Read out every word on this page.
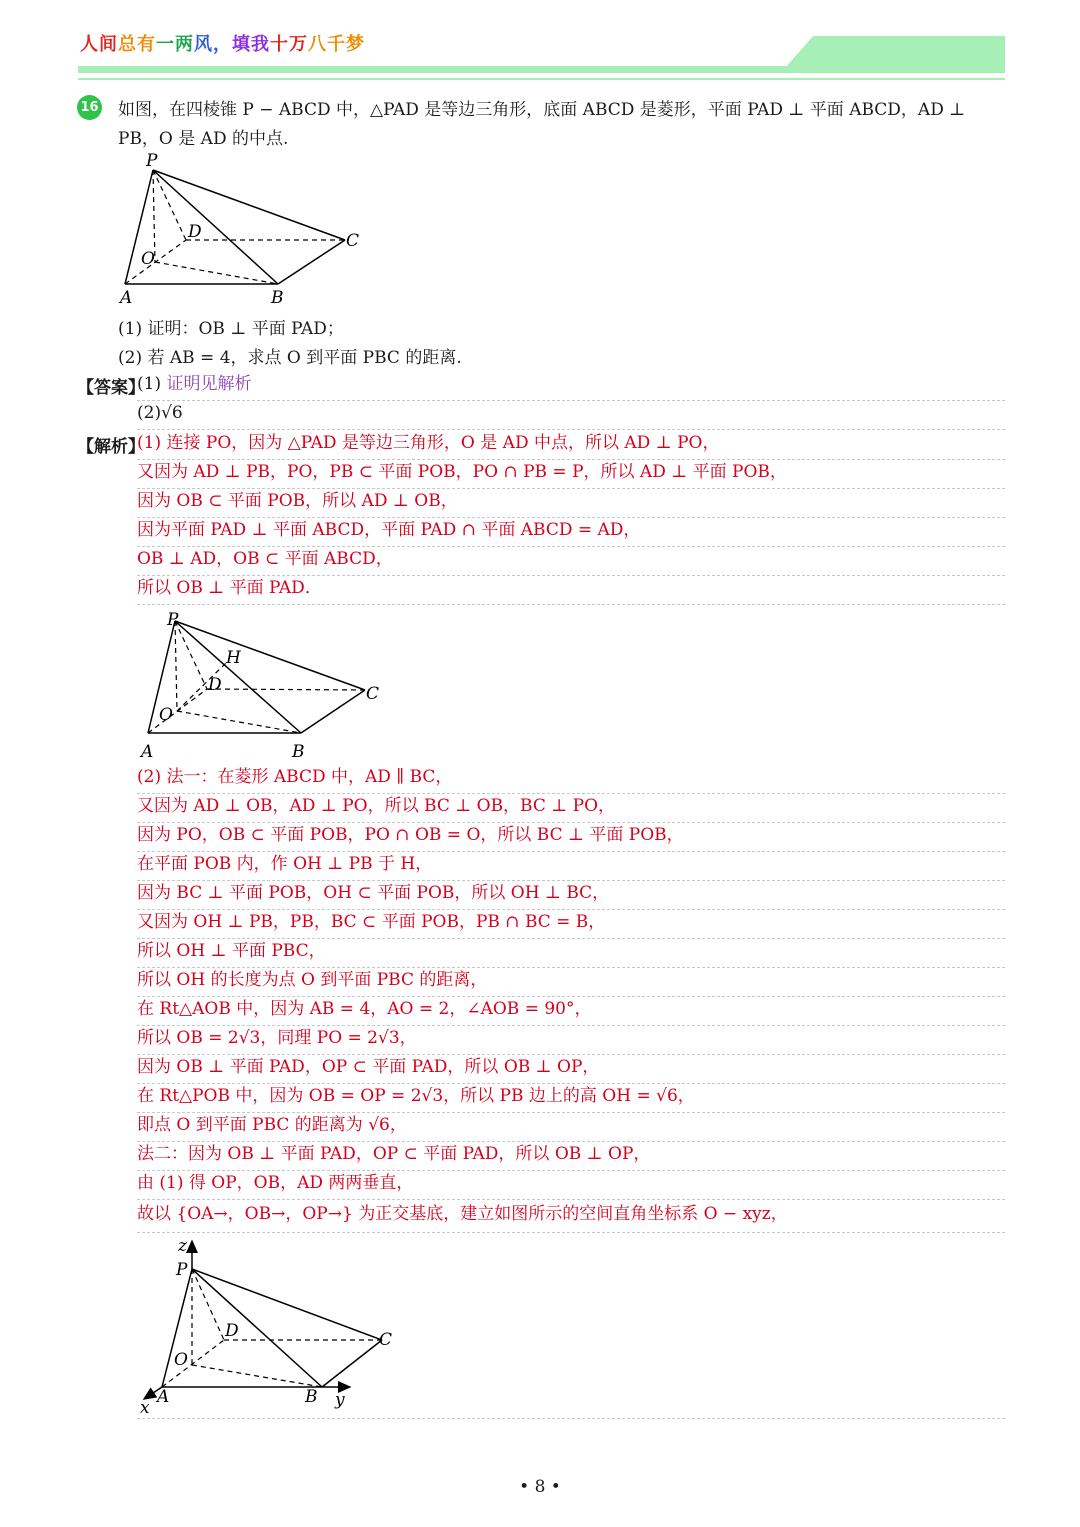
人间总有一两风，填我十万八千梦
16 如图，在四棱锥 P − ABCD 中，△PAD 是等边三角形，底面 ABCD 是菱形，平面 PAD ⊥ 平面 ABCD，AD ⊥
PB，O 是 AD 的中点.
P
D	C
O
A	B
(1) 证明：OB ⊥ 平面 PAD；
(2) 若 AB = 4，求点 O 到平面 PBC 的距离.
【答案】
(1) 证明见解析
(2)√6
【解析】
(1) 连接 PO，因为 △PAD 是等边三角形，O 是 AD 中点，所以 AD ⊥ PO，
又因为 AD ⊥ PB，PO，PB ⊂ 平面 POB，PO ∩ PB = P，所以 AD ⊥ 平面 POB，
因为 OB ⊂ 平面 POB，所以 AD ⊥ OB，
因为平面 PAD ⊥ 平面 ABCD，平面 PAD ∩ 平面 ABCD = AD，
OB ⊥ AD，OB ⊂ 平面 ABCD，
所以 OB ⊥ 平面 PAD．
P
H
D	C
O
A	B
(2) 法一：在菱形 ABCD 中，AD ∥ BC，
又因为 AD ⊥ OB，AD ⊥ PO，所以 BC ⊥ OB，BC ⊥ PO，
因为 PO，OB ⊂ 平面 POB，PO ∩ OB = O，所以 BC ⊥ 平面 POB，
在平面 POB 内，作 OH ⊥ PB 于 H，
因为 BC ⊥ 平面 POB，OH ⊂ 平面 POB，所以 OH ⊥ BC，
又因为 OH ⊥ PB，PB，BC ⊂ 平面 POB，PB ∩ BC = B，
所以 OH ⊥ 平面 PBC，
所以 OH 的长度为点 O 到平面 PBC 的距离，
在 Rt△AOB 中，因为 AB = 4，AO = 2，∠AOB = 90°，
所以 OB = 2√3，同理 PO = 2√3，
因为 OB ⊥ 平面 PAD，OP ⊂ 平面 PAD，所以 OB ⊥ OP，
在 Rt△POB 中，因为 OB = OP = 2√3，所以 PB 边上的高 OH = √6，
即点 O 到平面 PBC 的距离为 √6，
法二：因为 OB ⊥ 平面 PAD，OP ⊂ 平面 PAD，所以 OB ⊥ OP，
由 (1) 得 OP，OB，AD 两两垂直，
故以 {OA→，OB→，OP→} 为正交基底，建立如图所示的空间直角坐标系 O − xyz，
z
P
D	C
O
A	B y
x
• 8 •
